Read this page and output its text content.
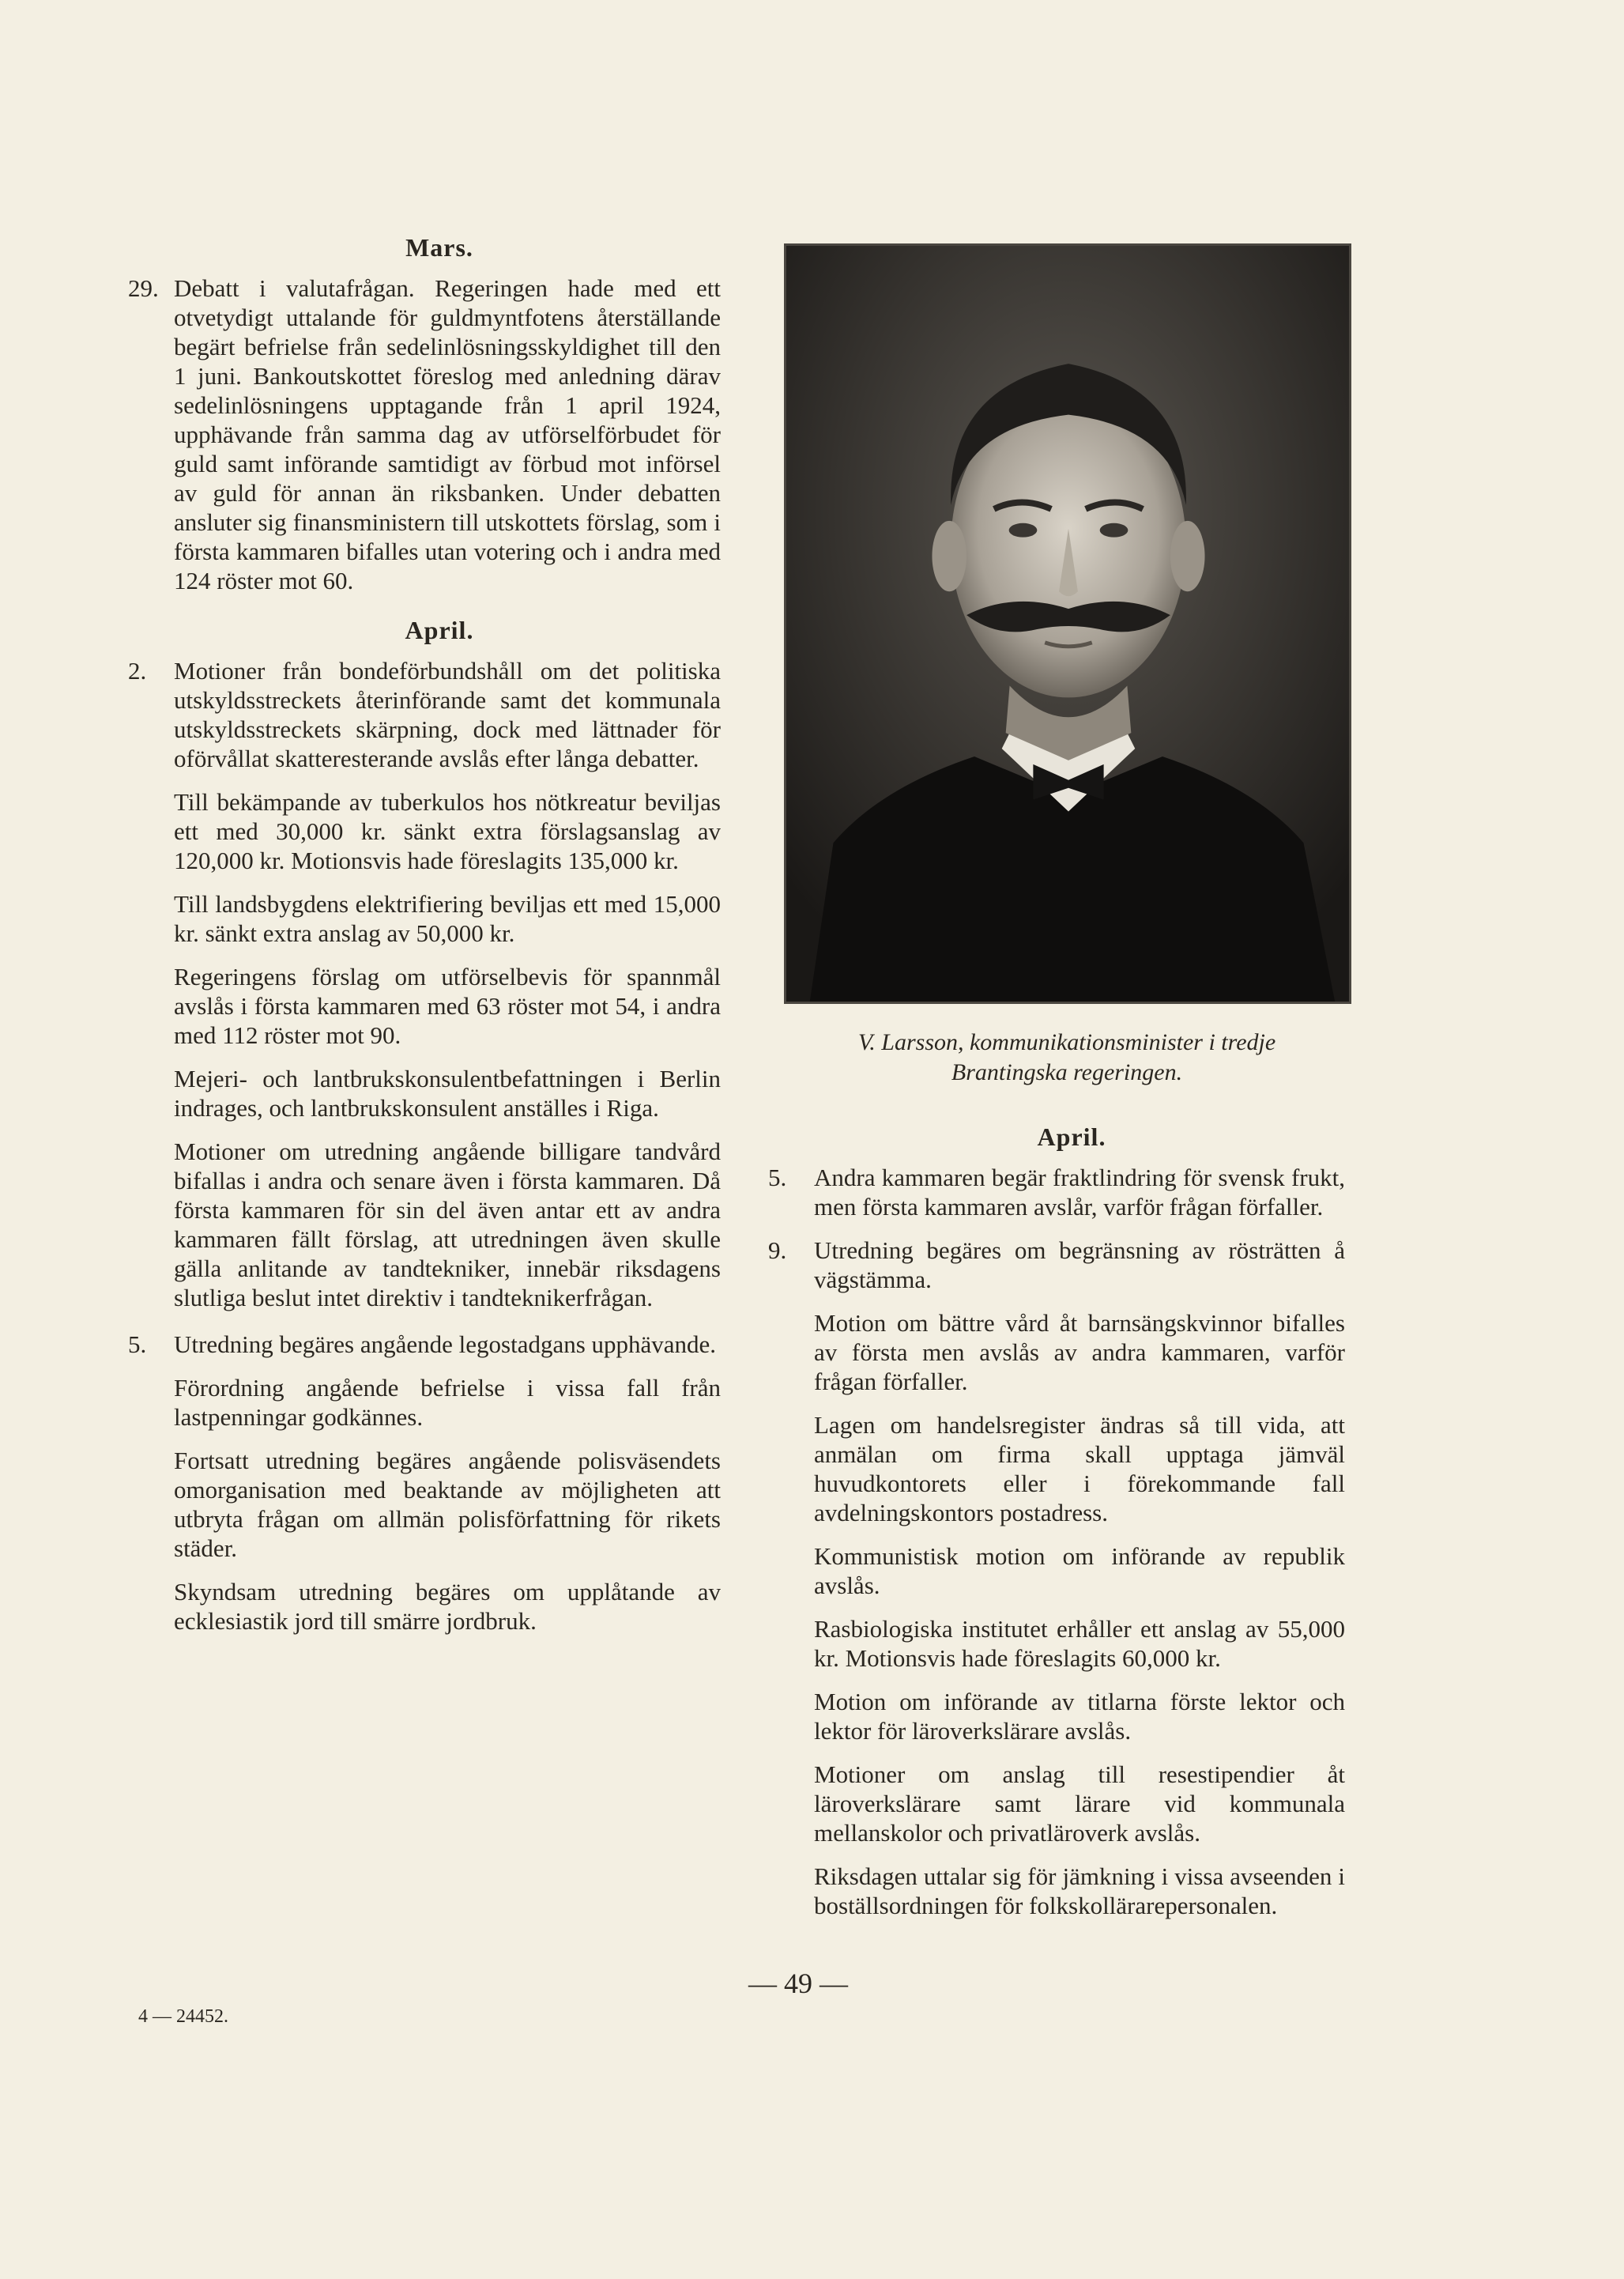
Mars.
29. Debatt i valutafrågan. Regeringen hade med ett otvetydigt uttalande för guldmyntfotens återställande begärt befrielse från sedelinlösningsskyldighet till den 1 juni. Bankoutskottet föreslog med anledning därav sedelinlösningens upptagande från 1 april 1924, upphävande från samma dag av utförselförbudet för guld samt införande samtidigt av förbud mot införsel av guld för annan än riksbanken. Under debatten ansluter sig finansministern till utskottets förslag, som i första kammaren bifalles utan votering och i andra med 124 röster mot 60.
April.
2.	Motioner från bondeförbundshåll om det politiska utskyldsstreckets återinförande samt det kommunala utskyldsstreckets skärpning, dock med lättnader för oförvållat skatteresterande avslås efter långa debatter.
Till bekämpande av tuberkulos hos nötkreatur beviljas ett med 30,000 kr. sänkt extra förslagsanslag av 120,000 kr. Motionsvis hade föreslagits 135,000 kr.
Till landsbygdens elektrifiering beviljas ett med 15,000 kr. sänkt extra anslag av 50,000 kr.
Regeringens förslag om utförselbevis för spannmål avslås i första kammaren med 63 röster mot 54, i andra med 112 röster mot 90.
Mejeri- och lantbrukskonsulentbefattningen i Berlin indrages, och lantbrukskonsulent anställes i Riga.
Motioner om utredning angående billigare tandvård bifallas i andra och senare även i första kammaren. Då första kammaren för sin del även antar ett av andra kammaren fällt förslag, att utredningen även skulle gälla anlitande av tandtekniker, innebär riksdagens slutliga beslut intet direktiv i tandteknikerfrågan.
5.	Utredning begäres angående legostadgans upphävande.
Förordning angående befrielse i vissa fall från lastpenningar godkännes.
Fortsatt utredning begäres angående polisväsendets omorganisation med beaktande av möjligheten att utbryta frågan om allmän polisförfattning för rikets städer.
Skyndsam utredning begäres om upplåtande av ecklesiastik jord till smärre jordbruk.
V. Larsson, kommunikationsminister i tredje
Brantingska regeringen.
April.
5.	Andra kammaren begär fraktlindring för svensk frukt, men första kammaren avslår, varför frågan förfaller.
9.	Utredning begäres om begränsning av rösträtten å vägstämma.
Motion om bättre vård åt barnsängskvinnor bifalles av första men avslås av andra kammaren, varför frågan förfaller.
Lagen om handelsregister ändras så till vida, att anmälan om firma skall upptaga jämväl huvudkontorets eller i förekommande fall avdelningskontors postadress.
Kommunistisk motion om införande av republik avslås.
Rasbiologiska institutet erhåller ett anslag av 55,000 kr. Motionsvis hade föreslagits 60,000 kr.
Motion om införande av titlarna förste lektor och lektor för läroverkslärare avslås.
Motioner om anslag till resestipendier åt läroverkslärare samt lärare vid kommunala mellanskolor och privatläroverk avslås.
Riksdagen uttalar sig för jämkning i vissa avseenden i boställsordningen för folkskollärarepersonalen.
— 49 —
4 — 24452.
